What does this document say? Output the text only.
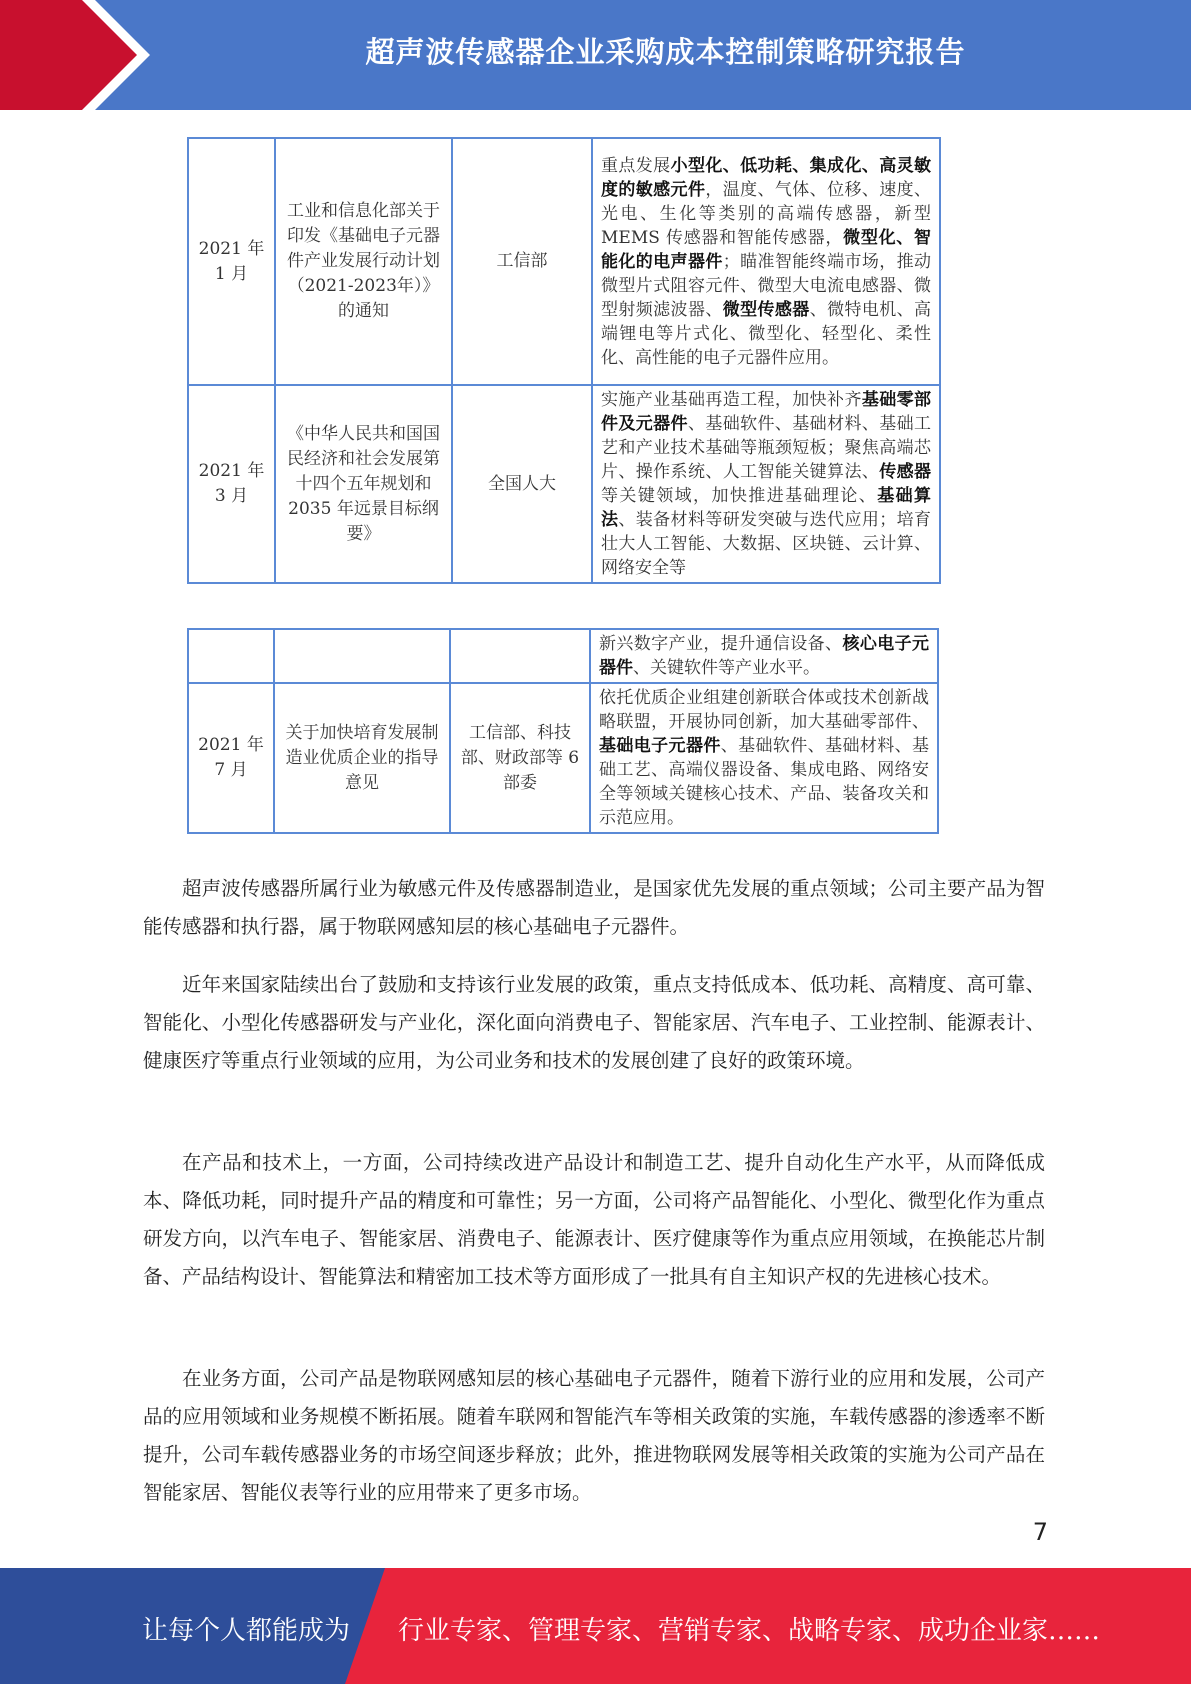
超声波传感器企业采购成本控制策略研究报告
2021 年
1 月	工业和信息化部关于印发《基础电子元器件产业发展行动计划（2021-2023年）》的通知	工信部	重点发展小型化、低功耗、集成化、高灵敏度的敏感元件，温度、气体、位移、速度、光电、生化等类别的高端传感器，新型 MEMS 传感器和智能传感器，微型化、智能化的电声器件；瞄准智能终端市场，推动微型片式阻容元件、微型大电流电感器、微型射频滤波器、微型传感器、微特电机、高端锂电等片式化、微型化、轻型化、柔性化、高性能的电子元器件应用。
2021 年
3 月	《中华人民共和国国民经济和社会发展第十四个五年规划和 2035 年远景目标纲要》	全国人大	实施产业基础再造工程，加快补齐基础零部件及元器件、基础软件、基础材料、基础工艺和产业技术基础等瓶颈短板；聚焦高端芯片、操作系统、人工智能关键算法、传感器等关键领域，加快推进基础理论、基础算法、装备材料等研发突破与迭代应用；培育壮大人工智能、大数据、区块链、云计算、网络安全等
			新兴数字产业，提升通信设备、核心电子元器件、关键软件等产业水平。
2021 年
7 月	关于加快培育发展制造业优质企业的指导意见	工信部、科技部、财政部等 6 部委	依托优质企业组建创新联合体或技术创新战略联盟，开展协同创新，加大基础零部件、基础电子元器件、基础软件、基础材料、基础工艺、高端仪器设备、集成电路、网络安全等领域关键核心技术、产品、装备攻关和示范应用。

超声波传感器所属行业为敏感元件及传感器制造业，是国家优先发展的重点领域；公司主要产品为智能传感器和执行器，属于物联网感知层的核心基础电子元器件。

近年来国家陆续出台了鼓励和支持该行业发展的政策，重点支持低成本、低功耗、高精度、高可靠、智能化、小型化传感器研发与产业化，深化面向消费电子、智能家居、汽车电子、工业控制、能源表计、健康医疗等重点行业领域的应用，为公司业务和技术的发展创建了良好的政策环境。

在产品和技术上，一方面，公司持续改进产品设计和制造工艺、提升自动化生产水平，从而降低成本、降低功耗，同时提升产品的精度和可靠性；另一方面，公司将产品智能化、小型化、微型化作为重点研发方向，以汽车电子、智能家居、消费电子、能源表计、医疗健康等作为重点应用领域，在换能芯片制备、产品结构设计、智能算法和精密加工技术等方面形成了一批具有自主知识产权的先进核心技术。

在业务方面，公司产品是物联网感知层的核心基础电子元器件，随着下游行业的应用和发展，公司产品的应用领域和业务规模不断拓展。随着车联网和智能汽车等相关政策的实施，车载传感器的渗透率不断提升，公司车载传感器业务的市场空间逐步释放；此外，推进物联网发展等相关政策的实施为公司产品在智能家居、智能仪表等行业的应用带来了更多市场。

7
让每个人都能成为 行业专家、管理专家、营销专家、战略专家、成功企业家……
